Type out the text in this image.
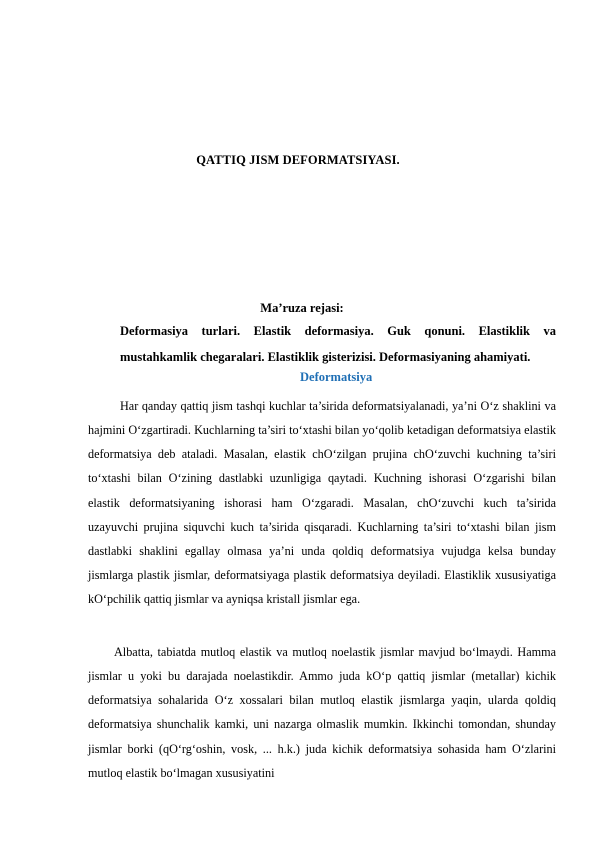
QATTIQ JISM DEFORMATSIYASI.
Ma’ruza rejasi:
Deformasiya turlari. Elastik deformasiya. Guk qonuni. Elastiklik va mustahkamlik chegaralari. Elastiklik gisterizisi. Deformasiyaning ahamiyati.
Deformatsiya

Har qanday qattiq jism tashqi kuchlar ta’sirida deformatsiyalanadi, ya’ni O‘z shaklini va hajmini O‘zgartiradi. Kuchlarning ta’siri to‘xtashi bilan yo‘qolib ketadigan deformatsiya elastik deformatsiya deb ataladi. Masalan, elastik chO‘zilgan prujina chO‘zuvchi kuchning ta’siri to‘xtashi bilan O‘zining dastlabki uzunligiga qaytadi. Kuchning ishorasi O‘zgarishi bilan elastik deformatsiyaning ishorasi ham O‘zgaradi. Masalan, chO‘zuvchi kuch ta’sirida uzayuvchi prujina siquvchi kuch ta’sirida qisqaradi. Kuchlarning ta’siri to‘xtashi bilan jism dastlabki shaklini egallay olmasa ya’ni unda qoldiq deformatsiya vujudga kelsa bunday jismlarga plastik jismlar, deformatsiyaga plastik deformatsiya deyiladi. Elastiklik xususiyatiga kO‘pchilik qattiq jismlar va ayniqsa kristall jismlar ega.

Albatta, tabiatda mutloq elastik va mutloq noelastik jismlar mavjud bo‘lmaydi. Hamma jismlar u yoki bu darajada noelastikdir. Ammo juda kO‘p qattiq jismlar (metallar) kichik deformatsiya sohalarida O‘z xossalari bilan mutloq elastik jismlarga yaqin, ularda qoldiq deformatsiya shunchalik kamki, uni nazarga olmaslik mumkin. Ikkinchi tomondan, shunday jismlar borki (qO‘rg‘oshin, vosk, ... h.k.) juda kichik deformatsiya sohasida ham O‘zlarini mutloq elastik bo‘lmagan xususiyatini
